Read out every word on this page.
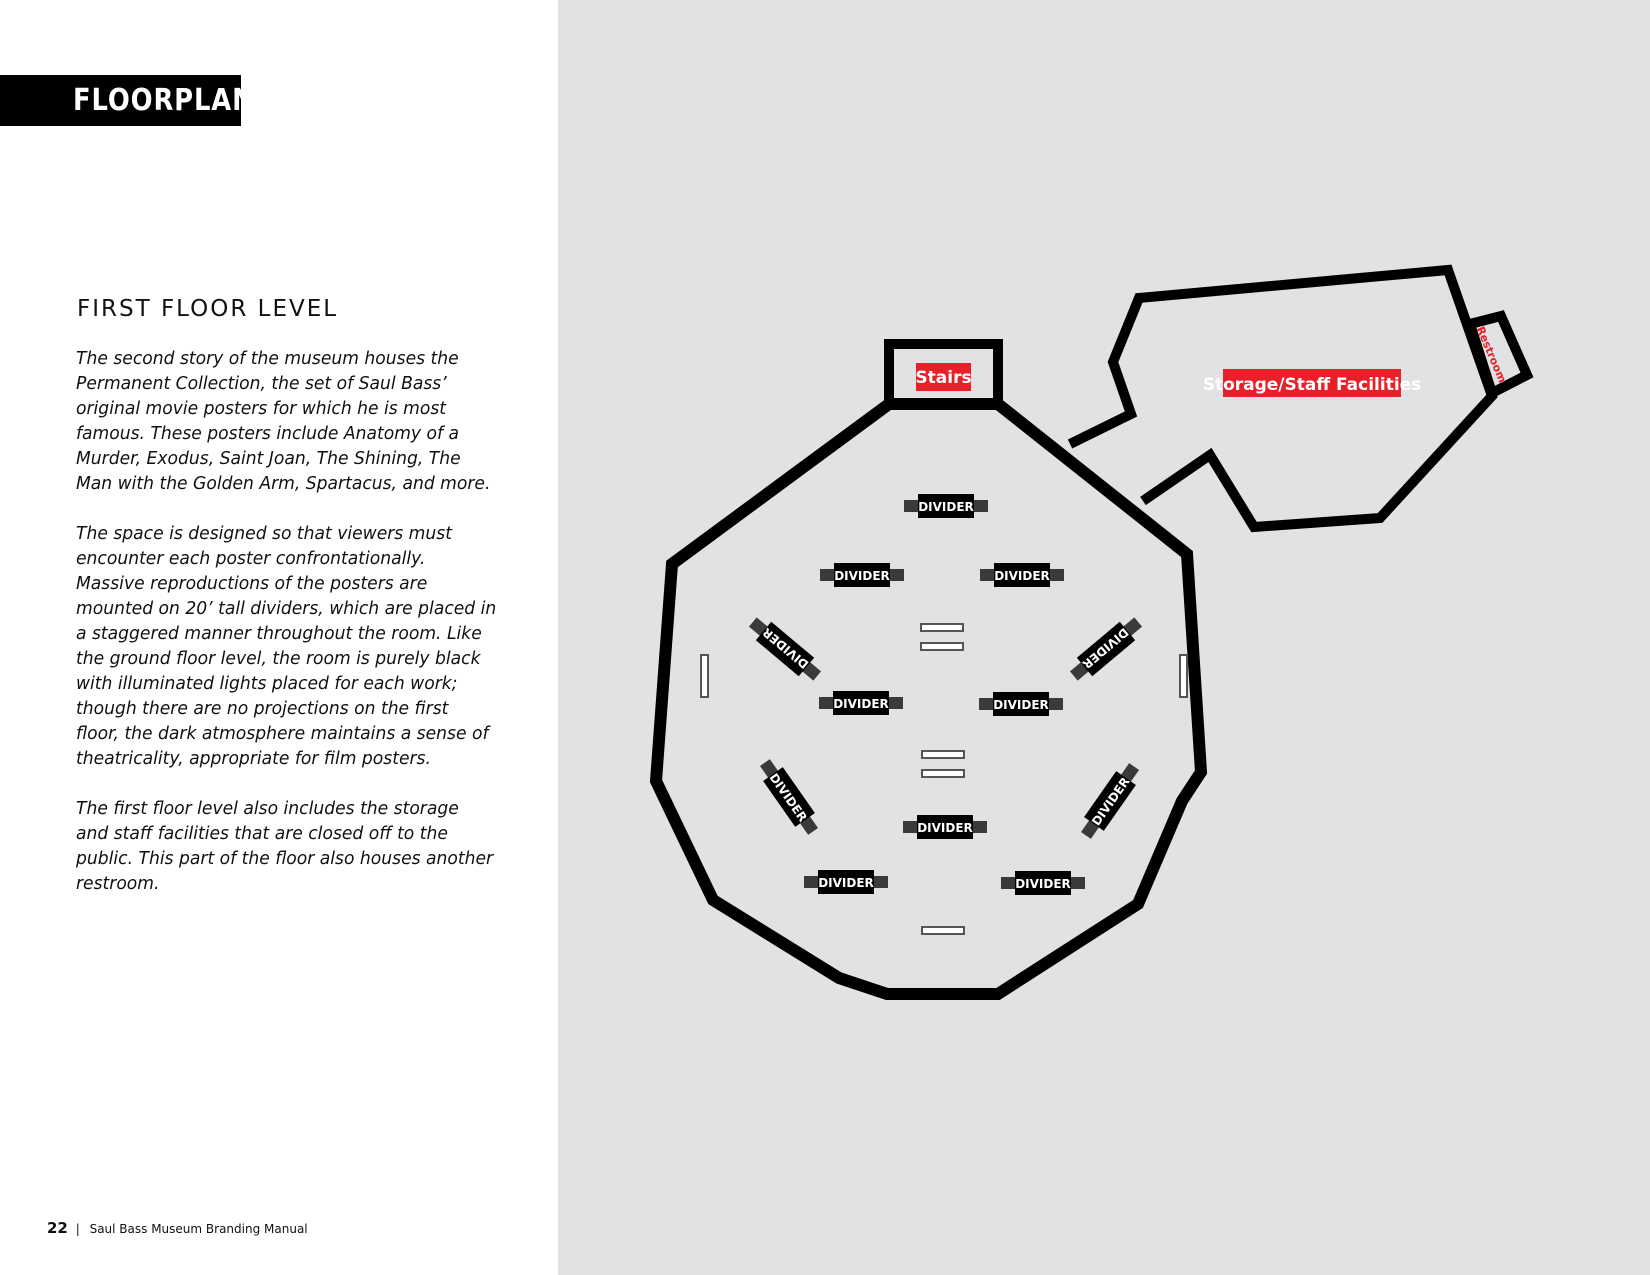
FLOORPLAN
FIRST FLOOR LEVEL

The second story of the museum houses the
Permanent Collection, the set of Saul Bass’
original movie posters for which he is most
famous. These posters include Anatomy of a
Murder, Exodus, Saint Joan, The Shining, The
Man with the Golden Arm, Spartacus, and more.

The space is designed so that viewers must
encounter each poster confrontationally.
Massive reproductions of the posters are
mounted on 20’ tall dividers, which are placed in
a staggered manner throughout the room. Like
the ground floor level, the room is purely black
with illuminated lights placed for each work;
though there are no projections on the first
floor, the dark atmosphere maintains a sense of
theatricality, appropriate for film posters.

The first floor level also includes the storage
and staff facilities that are closed off to the
public. This part of the floor also houses another
restroom.

22 | Saul Bass Museum Branding Manual
Stairs	Storage/Staff Facilities
Restroom
DIVIDER
DIVIDER	DIVIDER
DIVIDER	DIVIDER
DIVIDER	DIVIDER
DIVIDER	DIVIDER
DIVIDER
DIVIDER	DIVIDER
